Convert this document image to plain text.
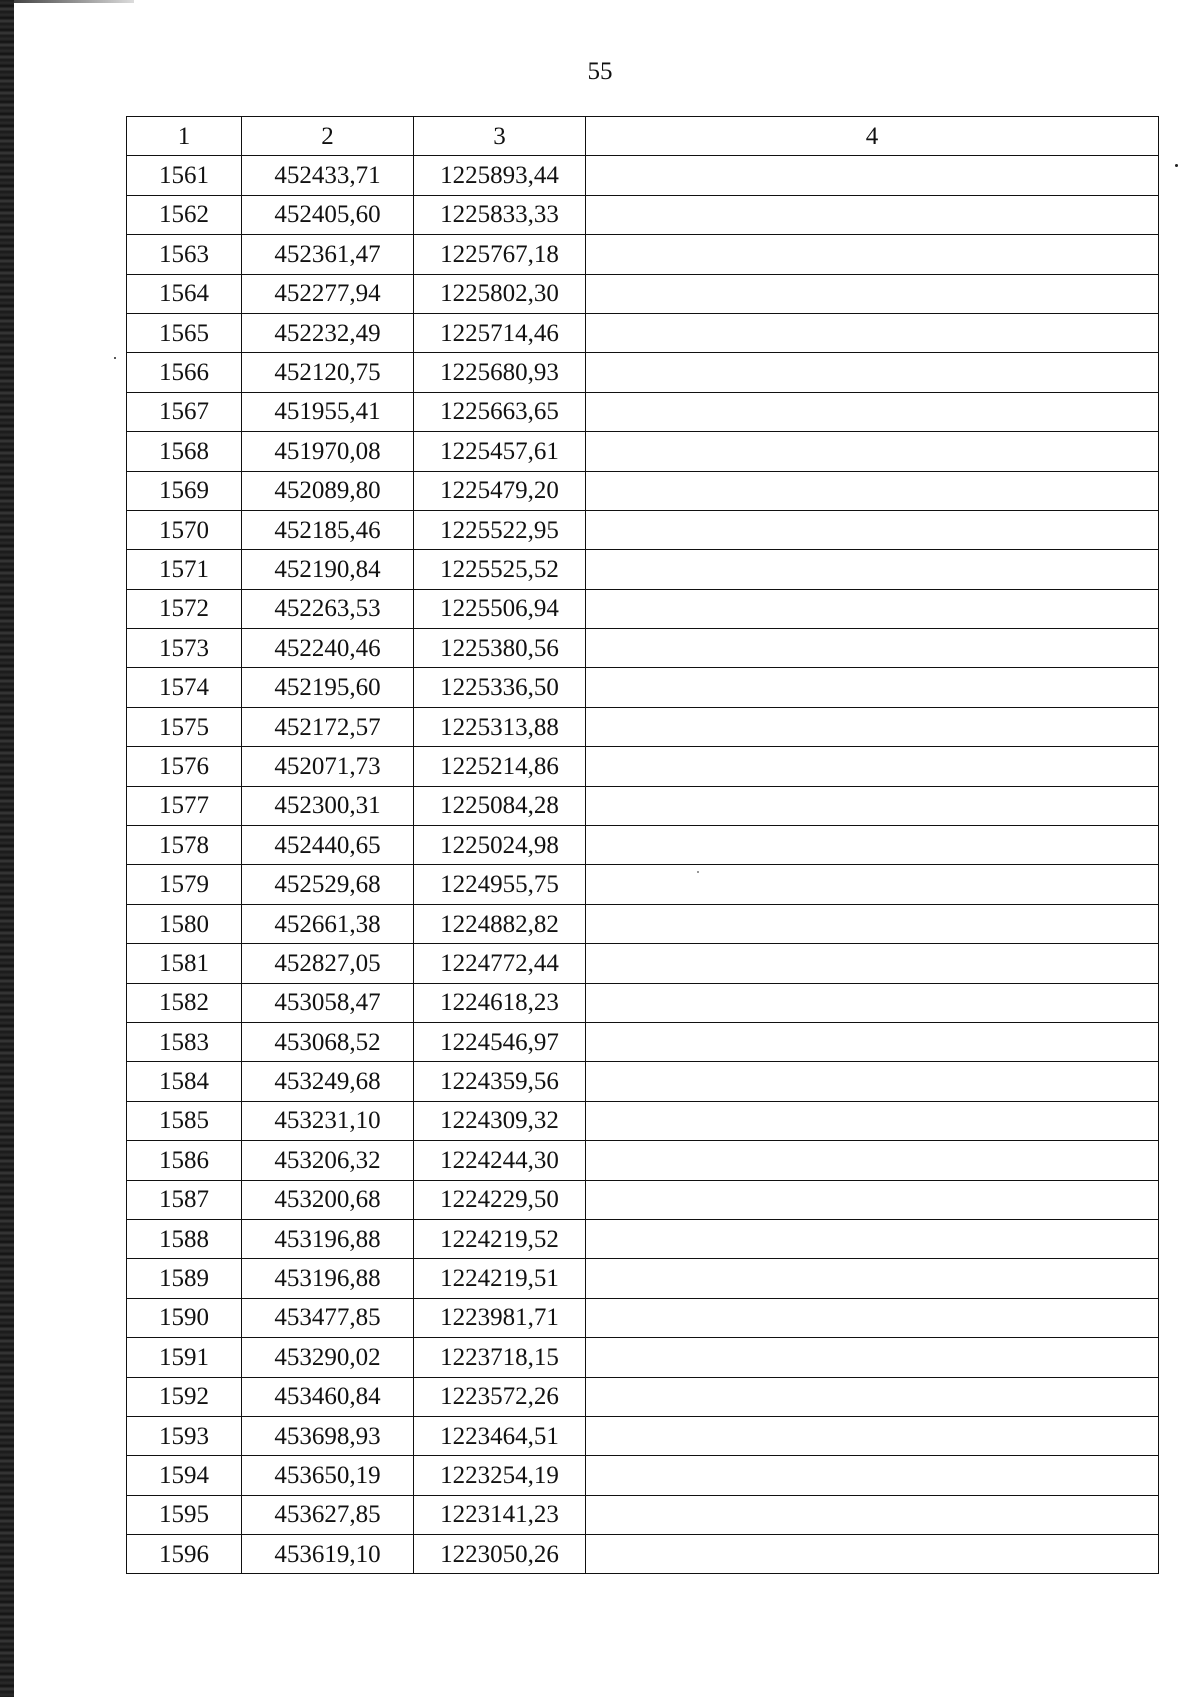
55
1	2	3	4
1561	452433,71	1225893,44	
1562	452405,60	1225833,33	
1563	452361,47	1225767,18	
1564	452277,94	1225802,30	
1565	452232,49	1225714,46	
1566	452120,75	1225680,93	
1567	451955,41	1225663,65	
1568	451970,08	1225457,61	
1569	452089,80	1225479,20	
1570	452185,46	1225522,95	
1571	452190,84	1225525,52	
1572	452263,53	1225506,94	
1573	452240,46	1225380,56	
1574	452195,60	1225336,50	
1575	452172,57	1225313,88	
1576	452071,73	1225214,86	
1577	452300,31	1225084,28	
1578	452440,65	1225024,98	
1579	452529,68	1224955,75	
1580	452661,38	1224882,82	
1581	452827,05	1224772,44	
1582	453058,47	1224618,23	
1583	453068,52	1224546,97	
1584	453249,68	1224359,56	
1585	453231,10	1224309,32	
1586	453206,32	1224244,30	
1587	453200,68	1224229,50	
1588	453196,88	1224219,52	
1589	453196,88	1224219,51	
1590	453477,85	1223981,71	
1591	453290,02	1223718,15	
1592	453460,84	1223572,26	
1593	453698,93	1223464,51	
1594	453650,19	1223254,19	
1595	453627,85	1223141,23	
1596	453619,10	1223050,26	
